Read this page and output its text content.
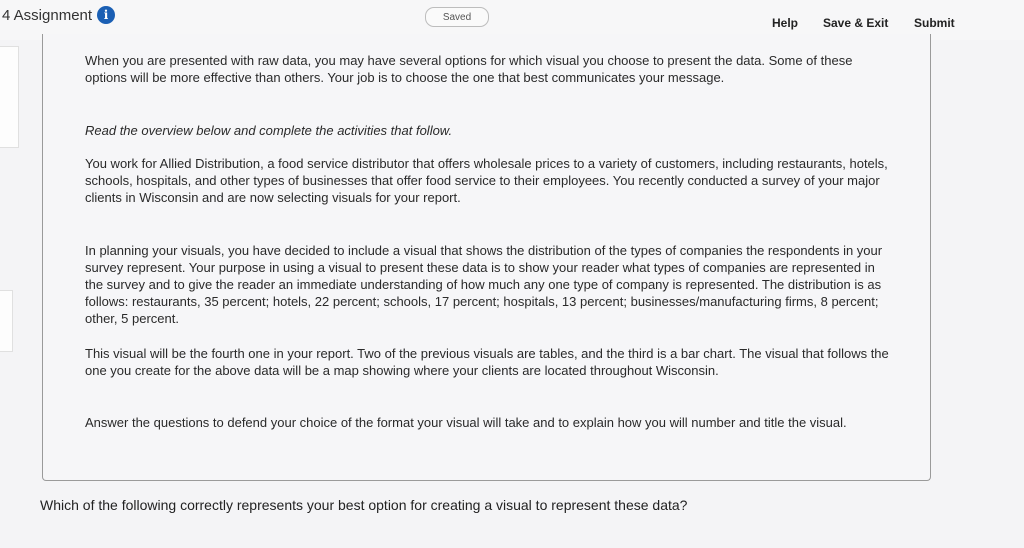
4 Assignment i	Saved	Help Save & Exit Submit

When you are presented with raw data, you may have several options for which visual you choose to present the data. Some of these options will be more effective than others. Your job is to choose the one that best communicates your message.

Read the overview below and complete the activities that follow.

You work for Allied Distribution, a food service distributor that offers wholesale prices to a variety of customers, including restaurants, hotels, schools, hospitals, and other types of businesses that offer food service to their employees. You recently conducted a survey of your major clients in Wisconsin and are now selecting visuals for your report.

In planning your visuals, you have decided to include a visual that shows the distribution of the types of companies the respondents in your survey represent. Your purpose in using a visual to present these data is to show your reader what types of companies are represented in the survey and to give the reader an immediate understanding of how much any one type of company is represented. The distribution is as follows: restaurants, 35 percent; hotels, 22 percent; schools, 17 percent; hospitals, 13 percent; businesses/manufacturing firms, 8 percent; other, 5 percent.

This visual will be the fourth one in your report. Two of the previous visuals are tables, and the third is a bar chart. The visual that follows the one you create for the above data will be a map showing where your clients are located throughout Wisconsin.

Answer the questions to defend your choice of the format your visual will take and to explain how you will number and title the visual.

Which of the following correctly represents your best option for creating a visual to represent these data?
